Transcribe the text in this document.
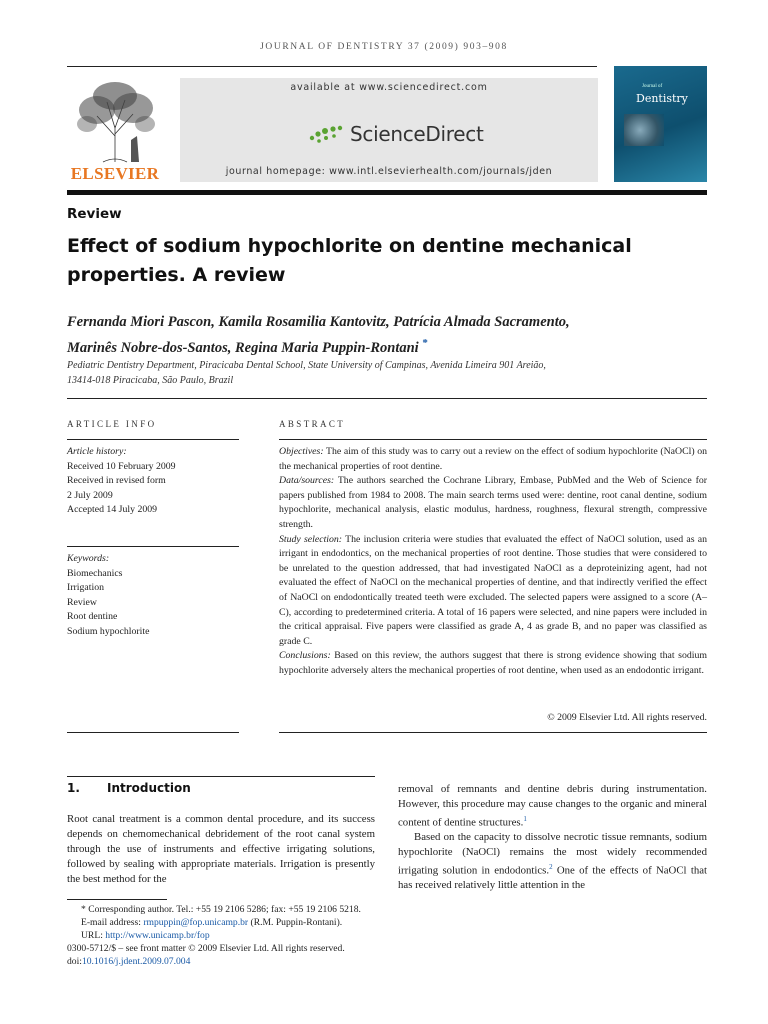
JOURNAL OF DENTISTRY 37 (2009) 903–908
ELSEVIER
available at www.sciencedirect.com
ScienceDirect
journal homepage: www.intl.elsevierhealth.com/journals/jden
Journal of
Dentistry
Review
Effect of sodium hypochlorite on dentine mechanical properties. A review
Fernanda Miori Pascon, Kamila Rosamilia Kantovitz, Patrícia Almada Sacramento,
Marinês Nobre-dos-Santos, Regina Maria Puppin-Rontani *
Pediatric Dentistry Department, Piracicaba Dental School, State University of Campinas, Avenida Limeira 901 Areião,
13414-018 Piracicaba, São Paulo, Brazil
ARTICLE INFO
Article history:
Received 10 February 2009
Received in revised form
2 July 2009
Accepted 14 July 2009
Keywords:
Biomechanics
Irrigation
Review
Root dentine
Sodium hypochlorite
ABSTRACT
Objectives: The aim of this study was to carry out a review on the effect of sodium hypochlorite (NaOCl) on the mechanical properties of root dentine.
Data/sources: The authors searched the Cochrane Library, Embase, PubMed and the Web of Science for papers published from 1984 to 2008. The main search terms used were: dentine, root canal dentine, sodium hypochlorite, mechanical analysis, elastic modulus, hardness, roughness, flexural strength, compressive strength.
Study selection: The inclusion criteria were studies that evaluated the effect of NaOCl solution, used as an irrigant in endodontics, on the mechanical properties of root dentine. Those studies that were considered to be unrelated to the question addressed, that had investigated NaOCl as a deproteinizing agent, had not evaluated the effect of NaOCl on the mechanical properties of dentine, and that indirectly verified the effect of NaOCl on endodontically treated teeth were excluded. The selected papers were assigned to a score (A–C), according to predetermined criteria. A total of 16 papers were selected, and nine papers were included in the critical appraisal. Five papers were classified as grade A, 4 as grade B, and no paper was classified as grade C.
Conclusions: Based on this review, the authors suggest that there is strong evidence showing that sodium hypochlorite adversely alters the mechanical properties of root dentine, when used as an endodontic irrigant.
© 2009 Elsevier Ltd. All rights reserved.
1. Introduction

Root canal treatment is a common dental procedure, and its success depends on chemomechanical debridement of the root canal system through the use of instruments and effective irrigating solutions, followed by sealing with appropriate materials. Irrigation is presently the best method for the

removal of remnants and dentine debris during instrumentation. However, this procedure may cause changes to the organic and mineral content of dentine structures.$^1$

Based on the capacity to dissolve necrotic tissue remnants, sodium hypochlorite (NaOCl) remains the most widely recommended irrigating solution in endodontics.$^2$ One of the effects of NaOCl that has received relatively little attention in the

* Corresponding author. Tel.: +55 19 2106 5286; fax: +55 19 2106 5218.
E-mail address: rmpuppin@fop.unicamp.br (R.M. Puppin-Rontani).
URL: http://www.unicamp.br/fop
0300-5712/$ – see front matter © 2009 Elsevier Ltd. All rights reserved.
doi:10.1016/j.jdent.2009.07.004
